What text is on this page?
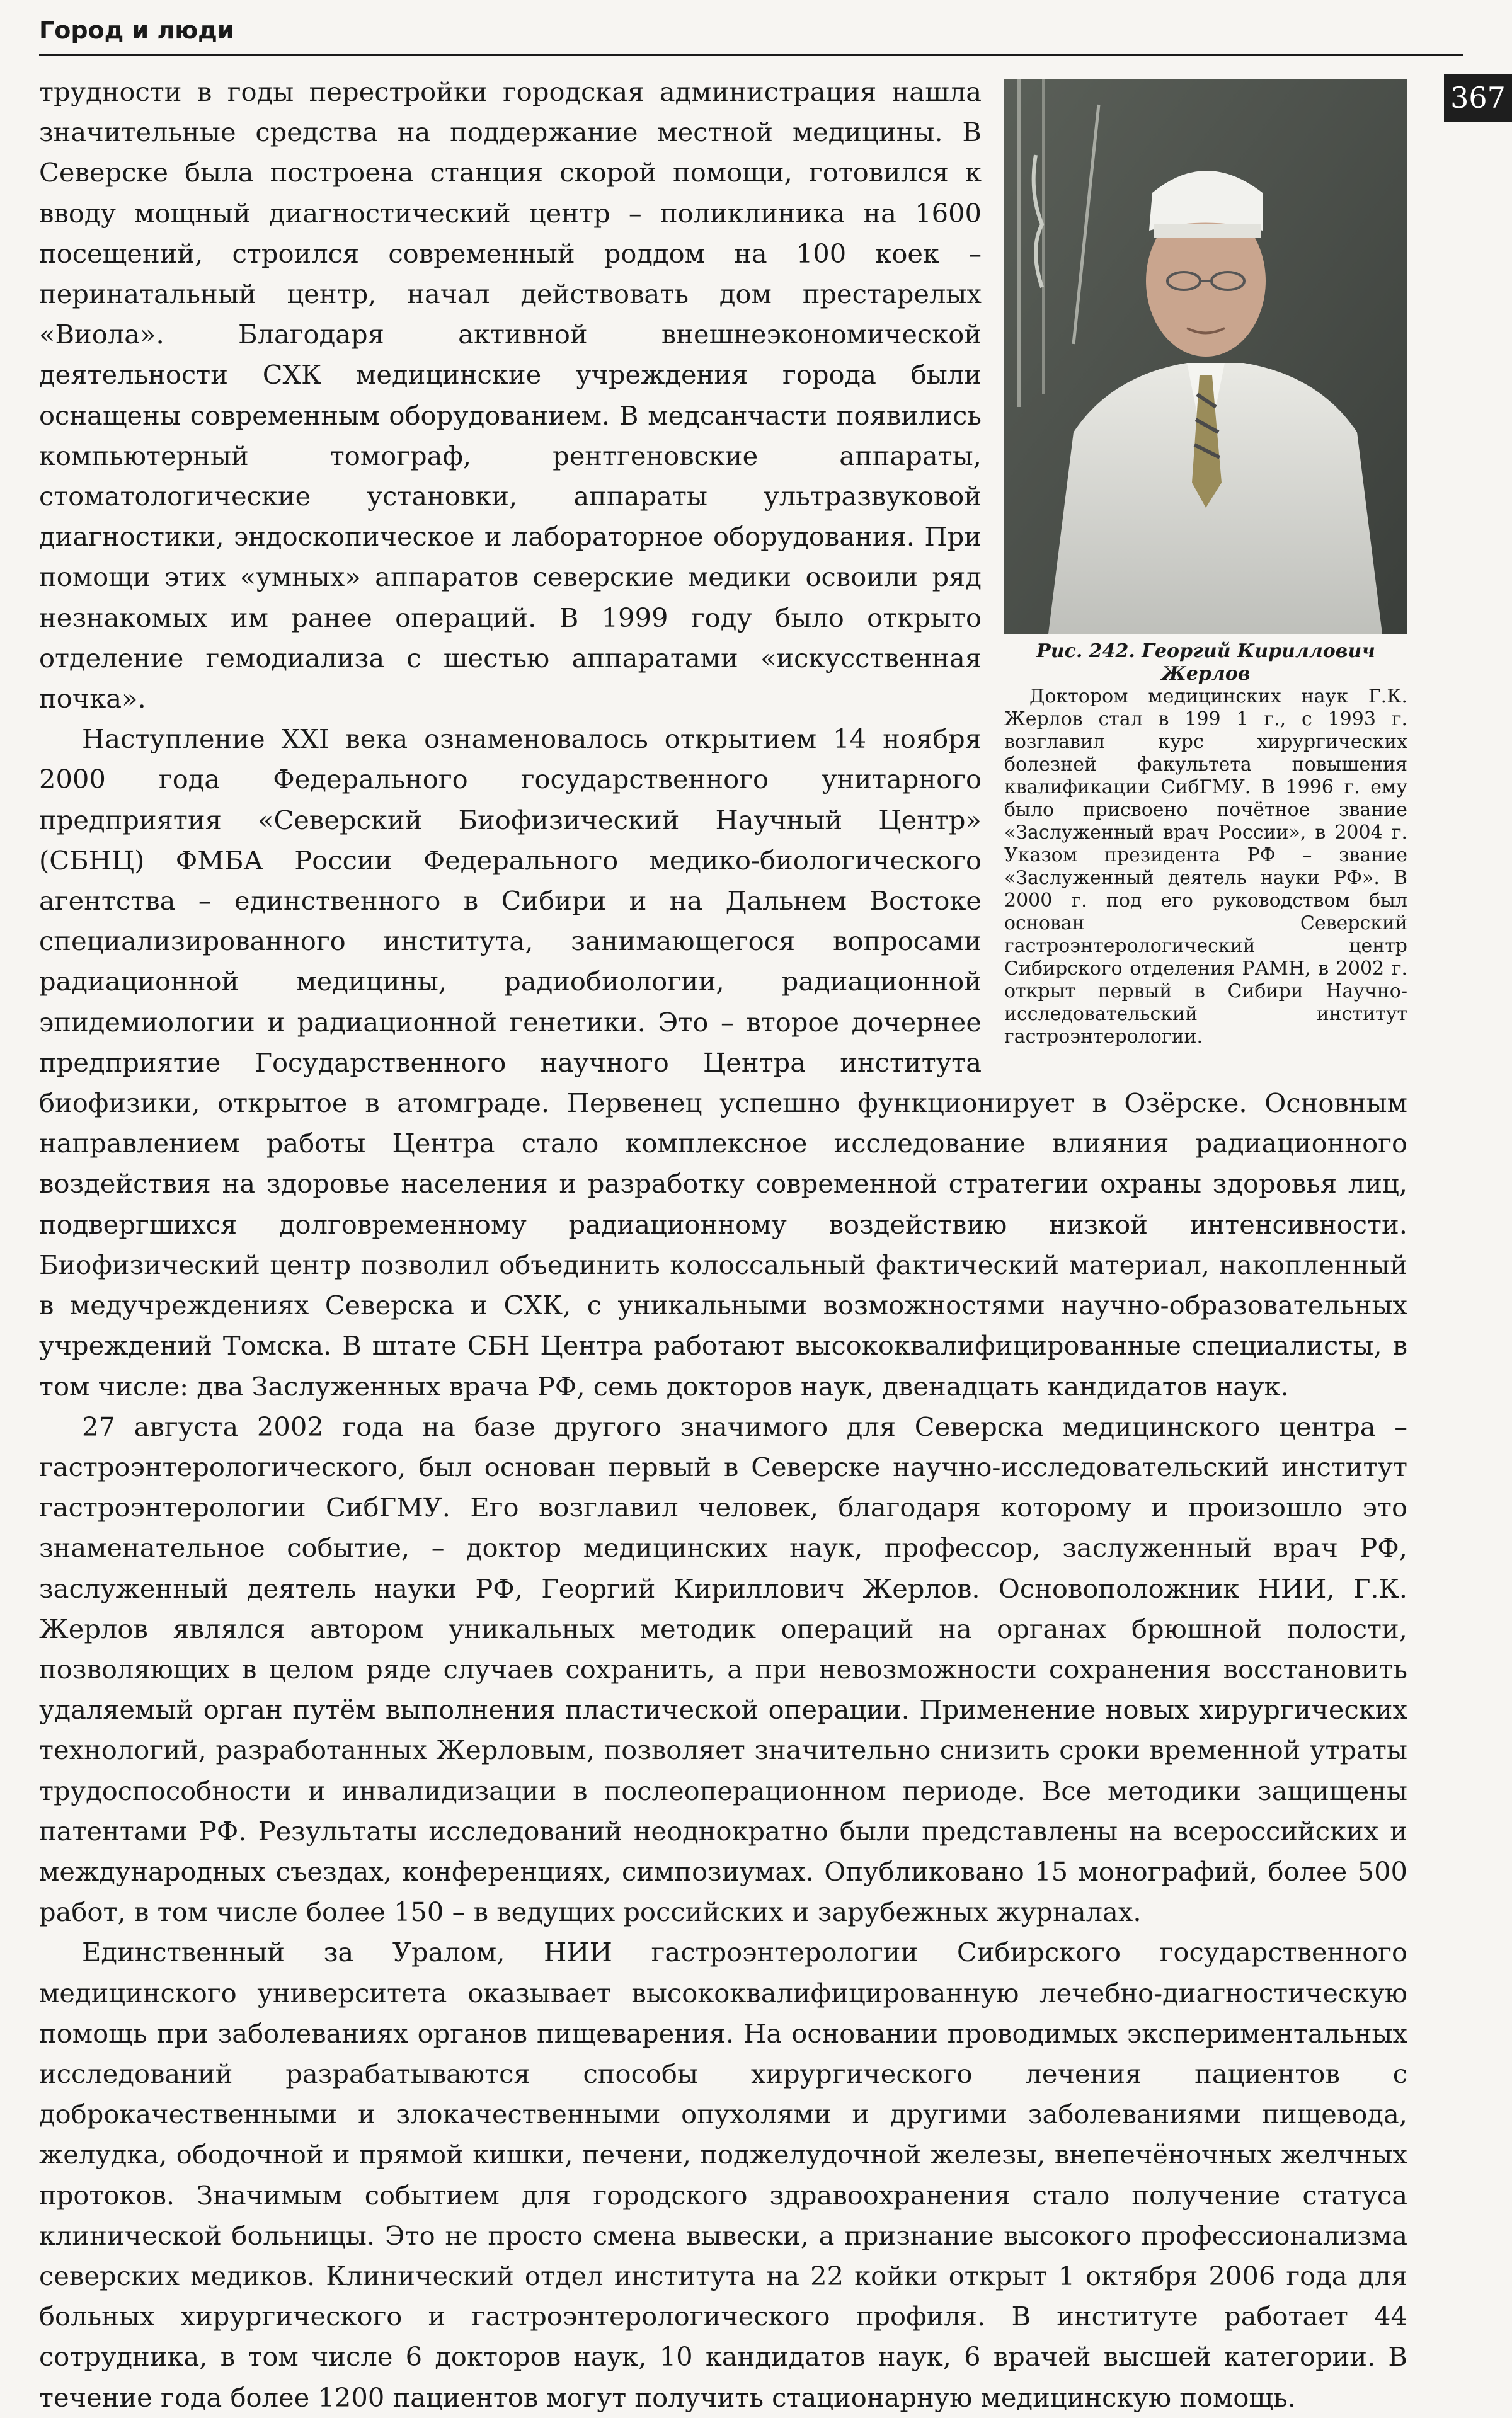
Город и люди
367
Рис. 242. Георгий Кириллович Жерлов
Доктором медицинских наук Г.К. Жерлов стал в 199 1 г., с 1993 г. возглавил курс хирургических болезней факультета повышения квалификации СибГМУ. В 1996 г. ему было присвоено почётное звание «Заслуженный врач России», в 2004 г. Указом президента РФ – звание «Заслуженный деятель науки РФ». В 2000 г. под его руководством был основан Северский гастроэнтерологический центр Сибирского отделения РАМН, в 2002 г. открыт первый в Сибири Научно-исследовательский институт гастроэнтерологии.

трудности в годы перестройки городская администрация нашла значительные средства на поддержание местной медицины. В Северске была построена станция скорой помощи, готовился к вводу мощный диагностический центр – поликлиника на 1600 посещений, строился современный роддом на 100 коек – перинатальный центр, начал действовать дом престарелых «Виола». Благодаря активной внешнеэкономической деятельности СХК медицинские учреждения города были оснащены современным оборудованием. В медсанчасти появились компьютерный томограф, рентгеновские аппараты, стоматологические установки, аппараты ультразвуковой диагностики, эндоскопическое и лабораторное оборудования. При помощи этих «умных» аппаратов северские медики освоили ряд незнакомых им ранее операций. В 1999 году было открыто отделение гемодиализа с шестью аппаратами «искусственная почка».

Наступление XXI века ознаменовалось открытием 14 ноября 2000 года Федерального государственного унитарного предприятия «Северский Биофизический Научный Центр» (СБНЦ) ФМБА России Федерального медико-биологического агентства – единственного в Сибири и на Дальнем Востоке специализированного института, занимающегося вопросами радиационной медицины, радиобиологии, радиационной эпидемиологии и радиационной генетики. Это – второе дочернее предприятие Государственного научного Центра института биофизики, открытое в атомграде. Первенец успешно функционирует в Озёрске. Основным направлением работы Центра стало комплексное исследование влияния радиационного воздействия на здоровье населения и разработку современной стратегии охраны здоровья лиц, подвергшихся долговременному радиационному воздействию низкой интенсивности. Биофизический центр позволил объединить колоссальный фактический материал, накопленный в медучреждениях Северска и СХК, с уникальными возможностями научно-образовательных учреждений Томска. В штате СБН Центра работают высококвалифицированные специалисты, в том числе: два Заслуженных врача РФ, семь докторов наук, двенадцать кандидатов наук.

27 августа 2002 года на базе другого значимого для Северска медицинского центра – гастроэнтерологического, был основан первый в Северске научно-исследовательский институт гастроэнтерологии СибГМУ. Его возглавил человек, благодаря которому и произошло это знаменательное событие, – доктор медицинских наук, профессор, заслуженный врач РФ, заслуженный деятель науки РФ, Георгий Кириллович Жерлов. Основоположник НИИ, Г.К. Жерлов являлся автором уникальных методик операций на органах брюшной полости, позволяющих в целом ряде случаев сохранить, а при невозможности сохранения восстановить удаляемый орган путём выполнения пластической операции. Применение новых хирургических технологий, разработанных Жерловым, позволяет значительно снизить сроки временной утраты трудоспособности и инвалидизации в послеоперационном периоде. Все методики защищены патентами РФ. Результаты исследований неоднократно были представлены на всероссийских и международных съездах, конференциях, симпозиумах. Опубликовано 15 монографий, более 500 работ, в том числе более 150 – в ведущих российских и зарубежных журналах.

Единственный за Уралом, НИИ гастроэнтерологии Сибирского государственного медицинского университета оказывает высококвалифицированную лечебно-диагностическую помощь при заболеваниях органов пищеварения. На основании проводимых экспериментальных исследований разрабатываются способы хирургического лечения пациентов с доброкачественными и злокачественными опухолями и другими заболеваниями пищевода, желудка, ободочной и прямой кишки, печени, поджелудочной железы, внепечёночных желчных протоков. Значимым событием для городского здравоохранения стало получение статуса клинической больницы. Это не просто смена вывески, а признание высокого профессионализма северских медиков. Клинический отдел института на 22 койки открыт 1 октября 2006 года для больных хирургического и гастроэнтерологического профиля. В институте работает 44 сотрудника, в том числе 6 докторов наук, 10 кандидатов наук, 6 врачей высшей категории. В течение года более 1200 пациентов могут получить стационарную медицинскую помощь.
